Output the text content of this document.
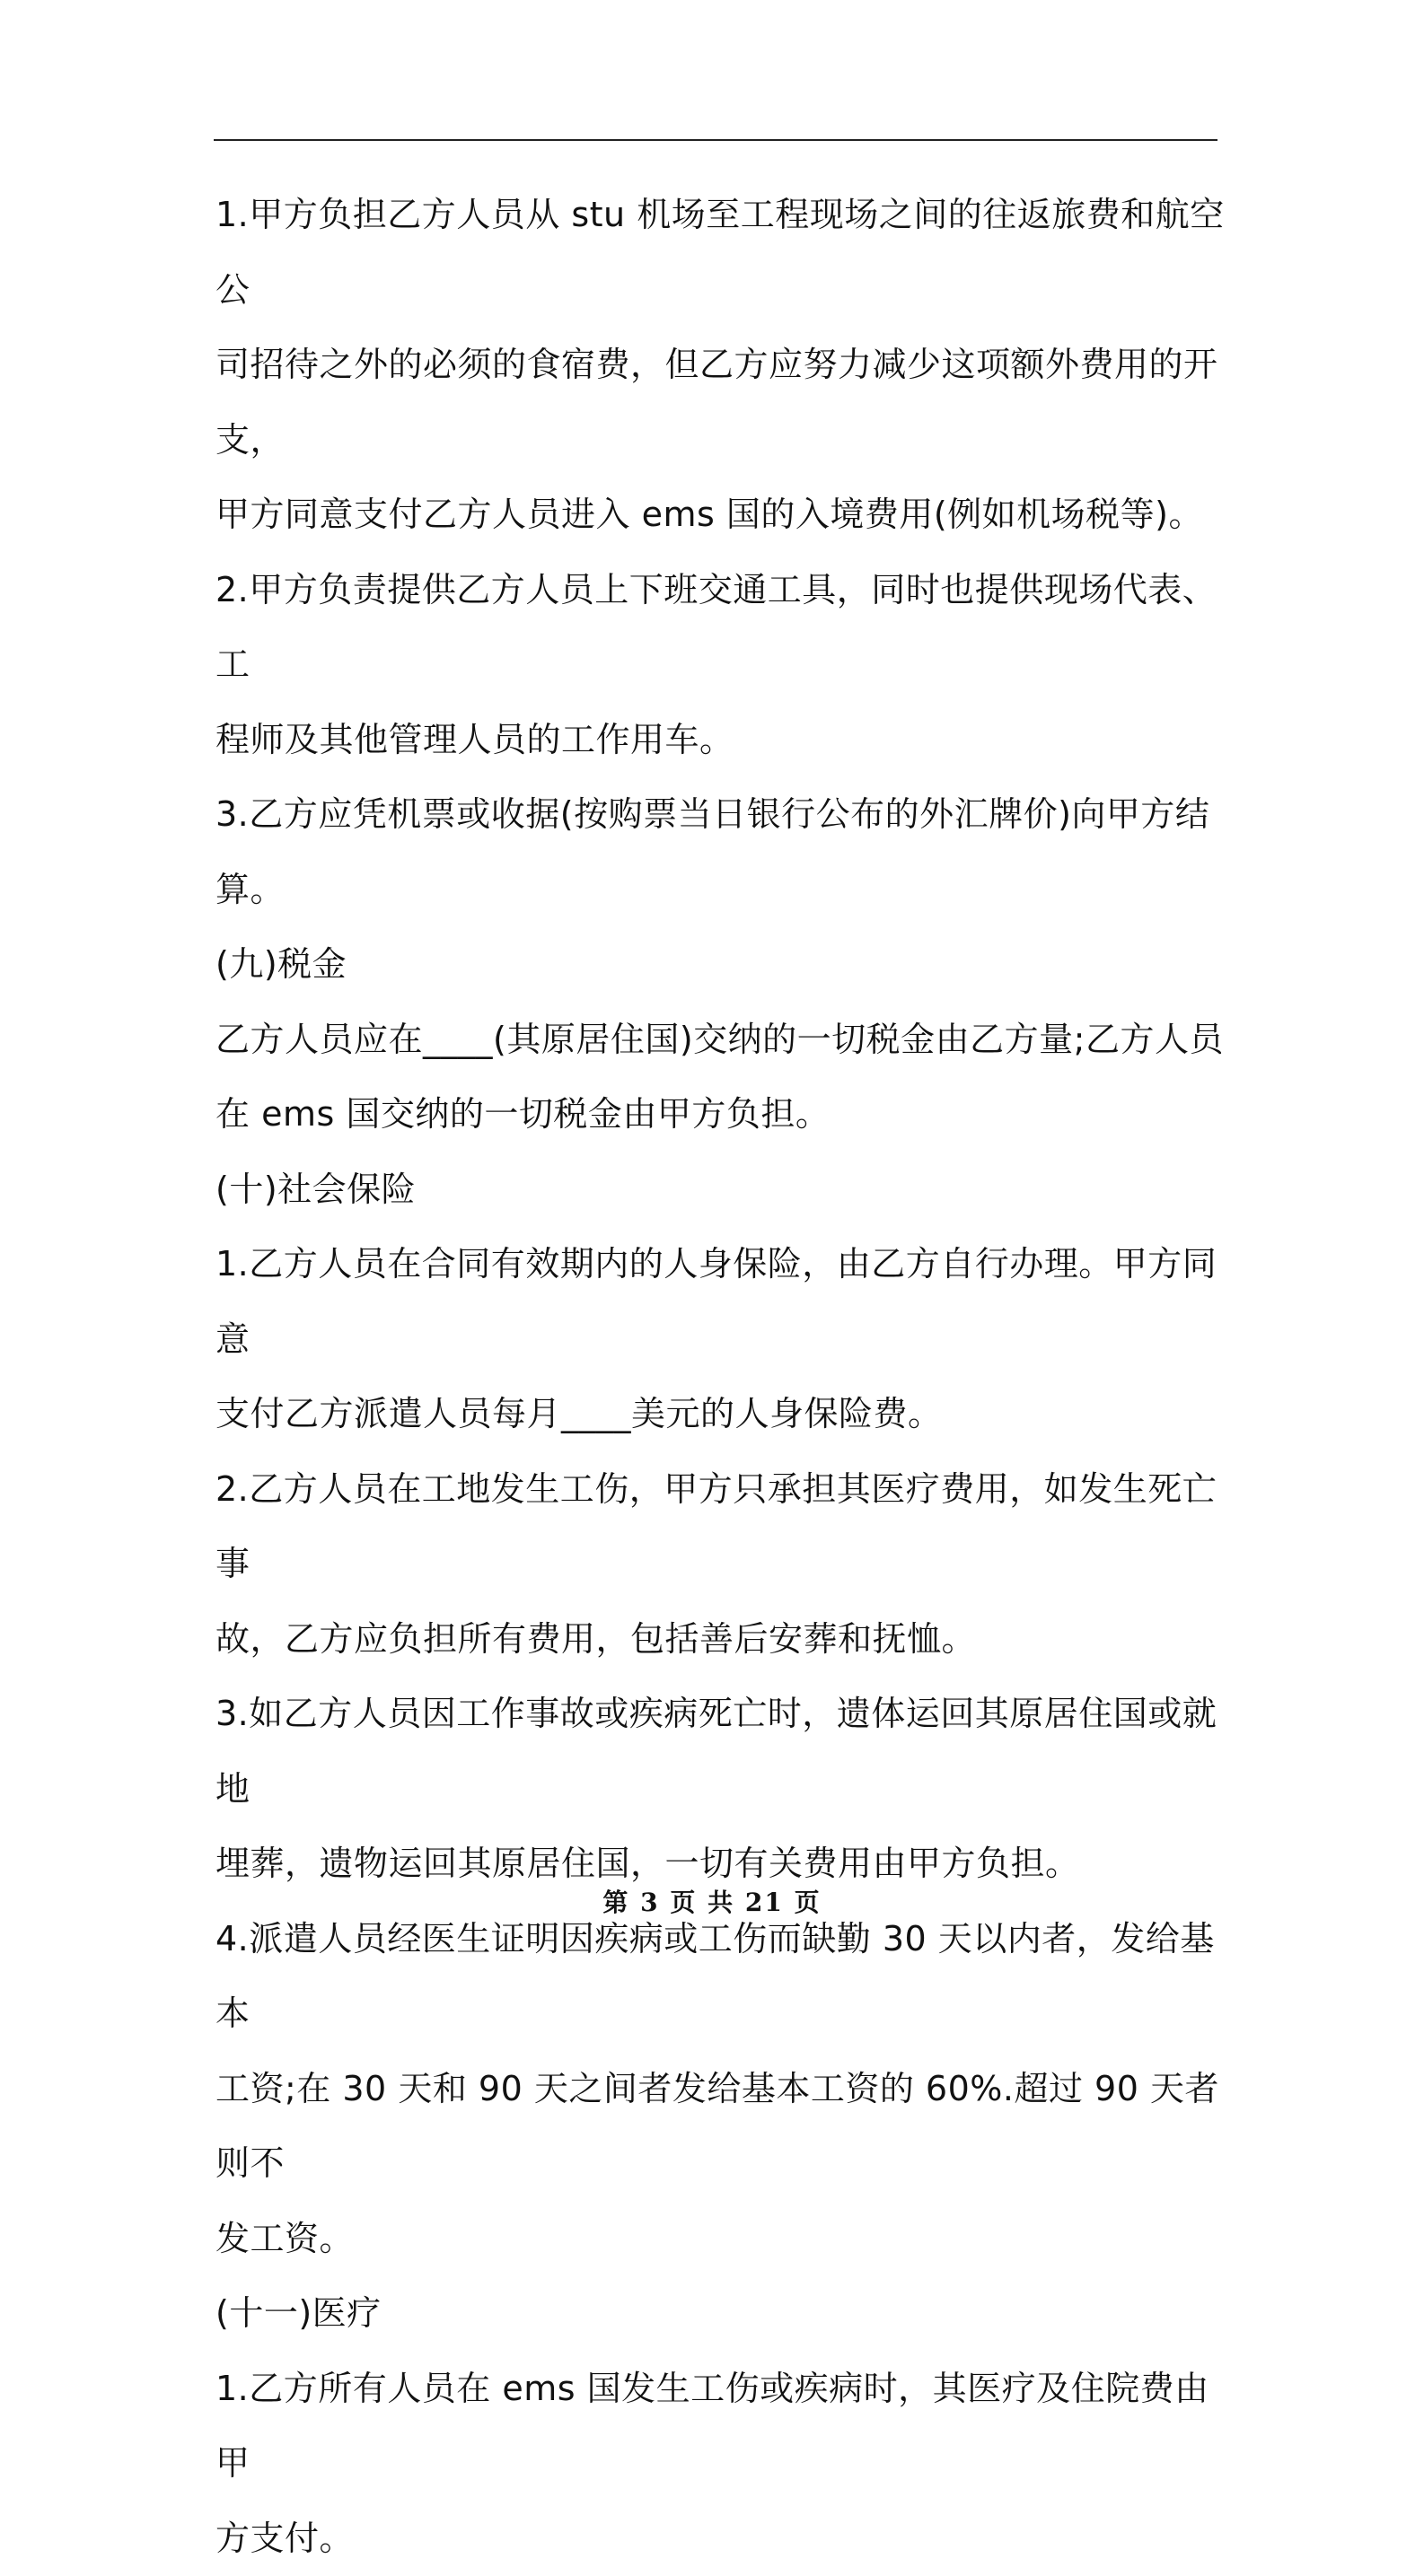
1.甲方负担乙方人员从 stu 机场至工程现场之间的往返旅费和航空公

司招待之外的必须的食宿费，但乙方应努力减少这项额外费用的开支，

甲方同意支付乙方人员进入 ems 国的入境费用(例如机场税等)。

2.甲方负责提供乙方人员上下班交通工具，同时也提供现场代表、工

程师及其他管理人员的工作用车。

3.乙方应凭机票或收据(按购票当日银行公布的外汇牌价)向甲方结算。

(九)税金

乙方人员应在____(其原居住国)交纳的一切税金由乙方量;乙方人员

在 ems 国交纳的一切税金由甲方负担。

(十)社会保险

1.乙方人员在合同有效期内的人身保险，由乙方自行办理。甲方同意

支付乙方派遣人员每月____美元的人身保险费。

2.乙方人员在工地发生工伤，甲方只承担其医疗费用，如发生死亡事

故，乙方应负担所有费用，包括善后安葬和抚恤。

3.如乙方人员因工作事故或疾病死亡时，遗体运回其原居住国或就地

埋葬，遗物运回其原居住国，一切有关费用由甲方负担。

4.派遣人员经医生证明因疾病或工伤而缺勤 30 天以内者，发给基本

工资;在 30 天和 90 天之间者发给基本工资的 60%.超过 90 天者则不

发工资。

(十一)医疗

1.乙方所有人员在 ems 国发生工伤或疾病时，其医疗及住院费由甲

方支付。

第 3 页 共 21 页
